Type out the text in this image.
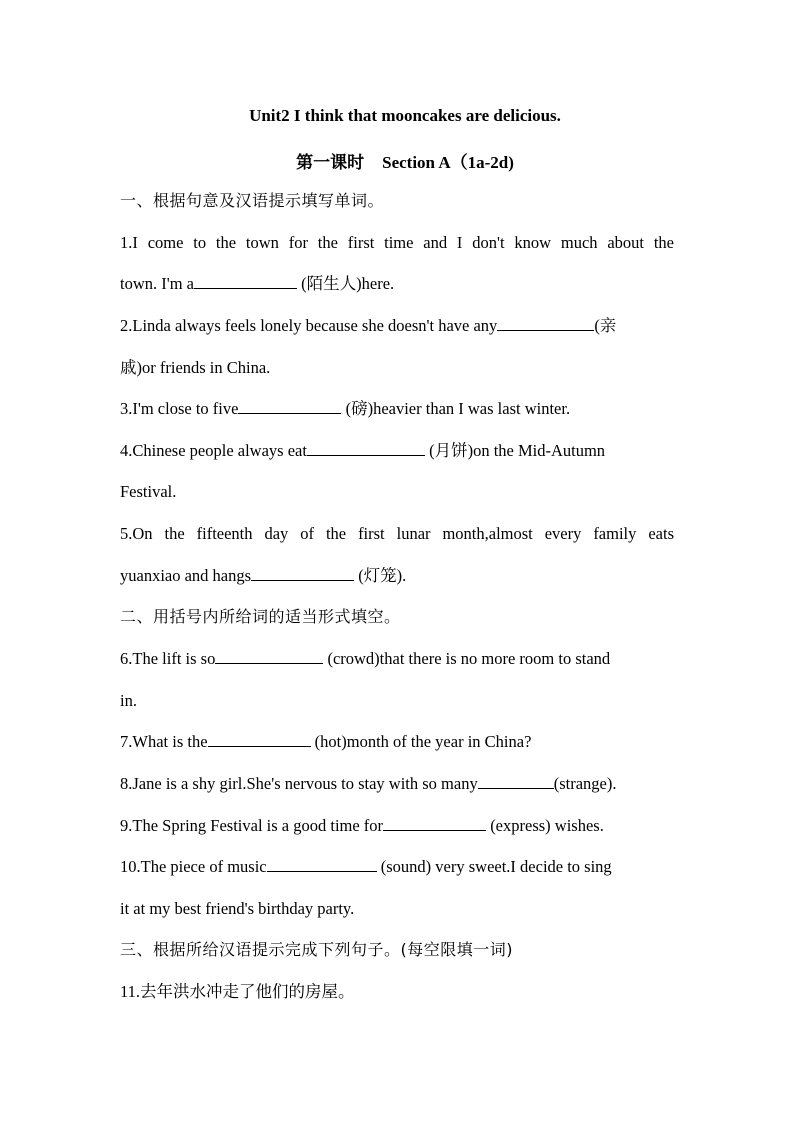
Unit2 I think that mooncakes are delicious.
第一课时 Section A（1a-2d)
一、根据句意及汉语提示填写单词。
1.I come to the town for the first time and I don't know much about the
town. I'm a	(陌生人)here.
2.Linda always feels lonely because she doesn't have any	(亲
戚)or friends in China.
3.I'm close to five	(磅)heavier than I was last winter.
4.Chinese people always eat	(月饼)on the Mid-Autumn
Festival.
5.On the fifteenth day of the first lunar month,almost every family eats
yuanxiao and hangs	(灯笼).
二、用括号内所给词的适当形式填空。
6.The lift is so	(crowd)that there is no more room to stand
in.
7.What is the	(hot)month of the year in China?
8.Jane is a shy girl.She's nervous to stay with so many	(strange).
9.The Spring Festival is a good time for	(express) wishes.
10.The piece of music	(sound) very sweet.I decide to sing
it at my best friend's birthday party.
三、根据所给汉语提示完成下列句子。(每空限填一词)
11.去年洪水冲走了他们的房屋。
